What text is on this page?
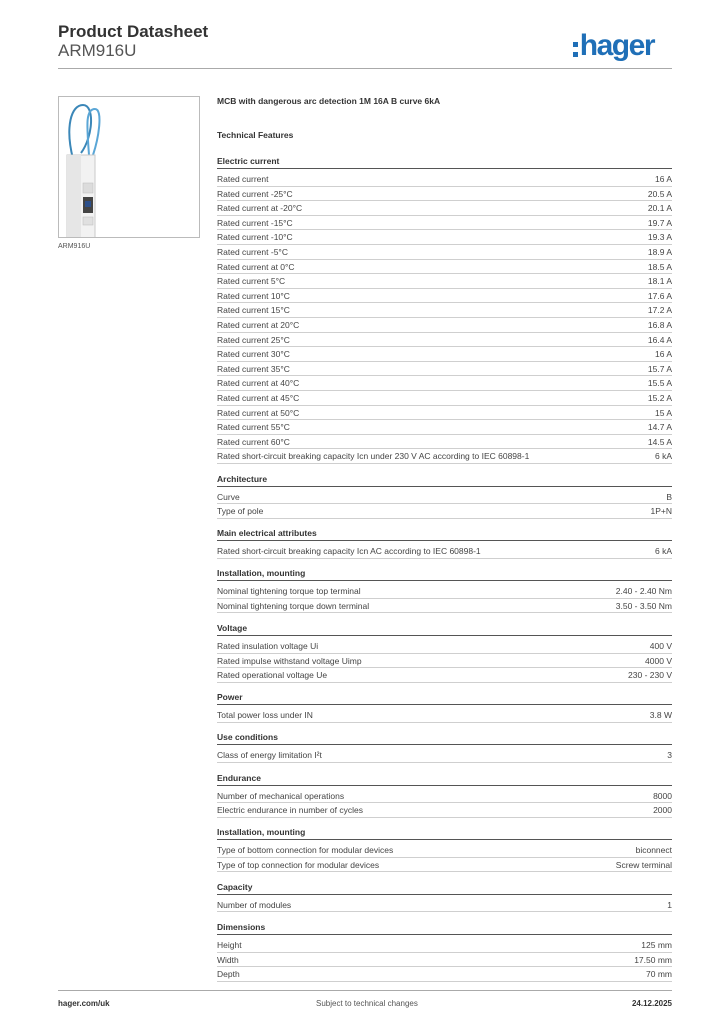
Product Datasheet
ARM916U	hager
ARM916U
MCB with dangerous arc detection 1M 16A B curve 6kA
Technical Features
Electric current
Rated current	16 A
Rated current -25°C	20.5 A
Rated current at -20°C	20.1 A
Rated current -15°C	19.7 A
Rated current -10°C	19.3 A
Rated current -5°C	18.9 A
Rated current at 0°C	18.5 A
Rated current 5°C	18.1 A
Rated current 10°C	17.6 A
Rated current 15°C	17.2 A
Rated current at 20°C	16.8 A
Rated current 25°C	16.4 A
Rated current 30°C	16 A
Rated current 35°C	15.7 A
Rated current at 40°C	15.5 A
Rated current at 45°C	15.2 A
Rated current at 50°C	15 A
Rated current 55°C	14.7 A
Rated current 60°C	14.5 A
Rated short-circuit breaking capacity Icn under 230 V AC according to IEC 60898-1	6 kA
Architecture
Curve	B
Type of pole	1P+N
Main electrical attributes
Rated short-circuit breaking capacity Icn AC according to IEC 60898-1	6 kA
Installation, mounting
Nominal tightening torque top terminal	2.40 - 2.40 Nm
Nominal tightening torque down terminal	3.50 - 3.50 Nm
Voltage
Rated insulation voltage Ui	400 V
Rated impulse withstand voltage Uimp	4000 V
Rated operational voltage Ue	230 - 230 V
Power
Total power loss under IN	3.8 W
Use conditions
Class of energy limitation I²t	3
Endurance
Number of mechanical operations	8000
Electric endurance in number of cycles	2000
Installation, mounting
Type of bottom connection for modular devices	biconnect
Type of top connection for modular devices	Screw terminal
Capacity
Number of modules	1
Dimensions
Height	125 mm
Width	17.50 mm
Depth	70 mm
hager.com/uk	Subject to technical changes	24.12.2025
